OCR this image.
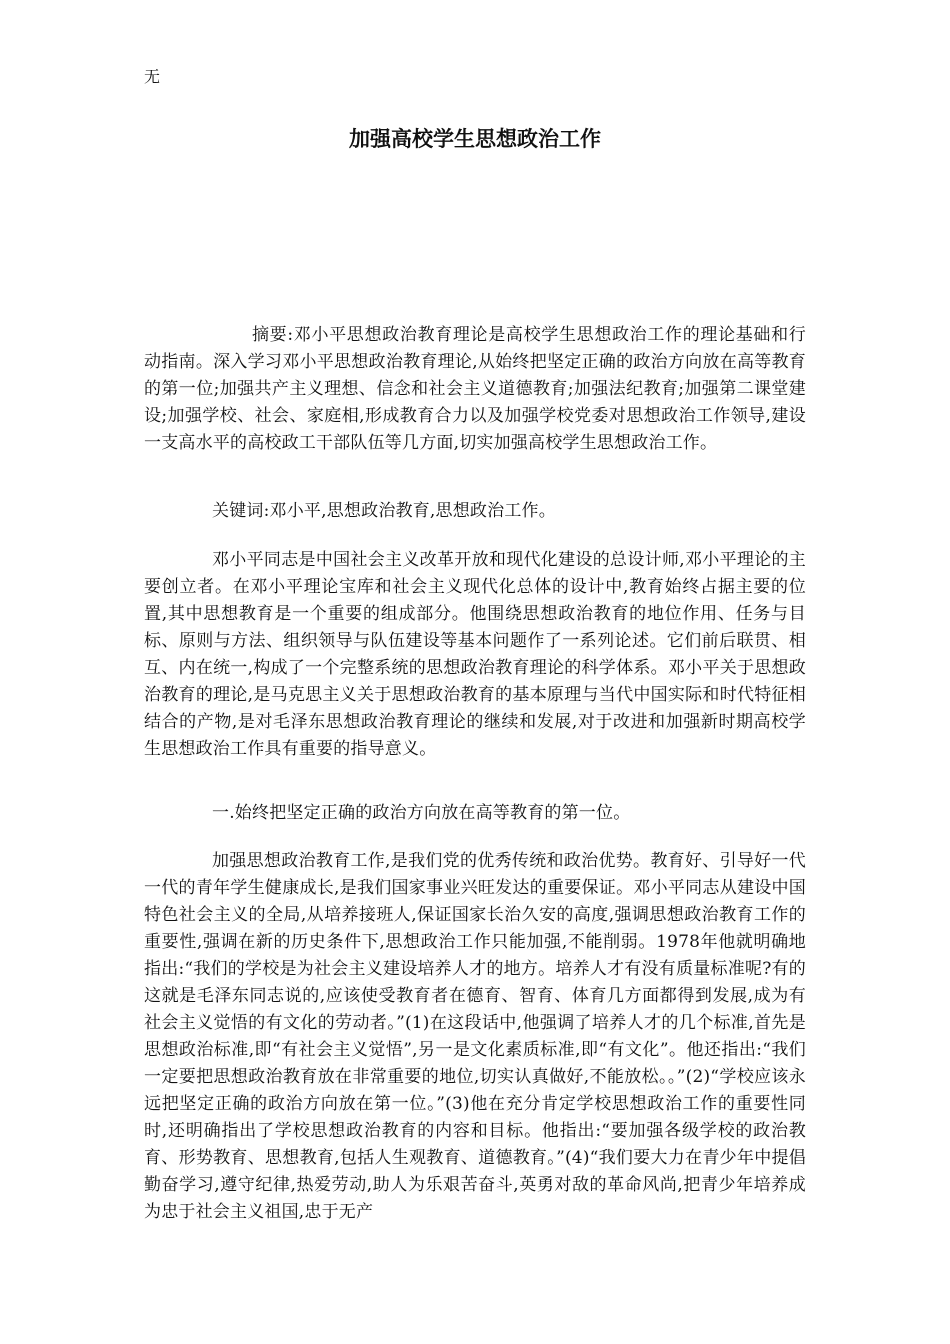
无
加强高校学生思想政治工作

摘要:邓小平思想政治教育理论是高校学生思想政治工作的理论基础和行动指南。深入学习邓小平思想政治教育理论,从始终把坚定正确的政治方向放在高等教育的第一位;加强共产主义理想、信念和社会主义道德教育;加强法纪教育;加强第二课堂建设;加强学校、社会、家庭相,形成教育合力以及加强学校党委对思想政治工作领导,建设一支高水平的高校政工干部队伍等几方面,切实加强高校学生思想政治工作。

关键词:邓小平,思想政治教育,思想政治工作。

邓小平同志是中国社会主义改革开放和现代化建设的总设计师,邓小平理论的主要创立者。在邓小平理论宝库和社会主义现代化总体的设计中,教育始终占据主要的位置,其中思想教育是一个重要的组成部分。他围绕思想政治教育的地位作用、任务与目标、原则与方法、组织领导与队伍建设等基本问题作了一系列论述。它们前后联贯、相互、内在统一,构成了一个完整系统的思想政治教育理论的科学体系。邓小平关于思想政治教育的理论,是马克思主义关于思想政治教育的基本原理与当代中国实际和时代特征相结合的产物,是对毛泽东思想政治教育理论的继续和发展,对于改进和加强新时期高校学生思想政治工作具有重要的指导意义。

一.始终把坚定正确的政治方向放在高等教育的第一位。

加强思想政治教育工作,是我们党的优秀传统和政治优势。教育好、引导好一代一代的青年学生健康成长,是我们国家事业兴旺发达的重要保证。邓小平同志从建设中国特色社会主义的全局,从培养接班人,保证国家长治久安的高度,强调思想政治教育工作的重要性,强调在新的历史条件下,思想政治工作只能加强,不能削弱。1978年他就明确地指出:“我们的学校是为社会主义建设培养人才的地方。培养人才有没有质量标准呢?有的这就是毛泽东同志说的,应该使受教育者在德育、智育、体育几方面都得到发展,成为有社会主义觉悟的有文化的劳动者。”(1)在这段话中,他强调了培养人才的几个标准,首先是思想政治标准,即“有社会主义觉悟”,另一是文化素质标准,即“有文化”。他还指出:“我们一定要把思想政治教育放在非常重要的地位,切实认真做好,不能放松。。”(2)“学校应该永远把坚定正确的政治方向放在第一位。”(3)他在充分肯定学校思想政治工作的重要性同时,还明确指出了学校思想政治教育的内容和目标。他指出:“要加强各级学校的政治教育、形势教育、思想教育,包括人生观教育、道德教育。”(4)“我们要大力在青少年中提倡勤奋学习,遵守纪律,热爱劳动,助人为乐艰苦奋斗,英勇对敌的革命风尚,把青少年培养成为忠于社会主义祖国,忠于无产
